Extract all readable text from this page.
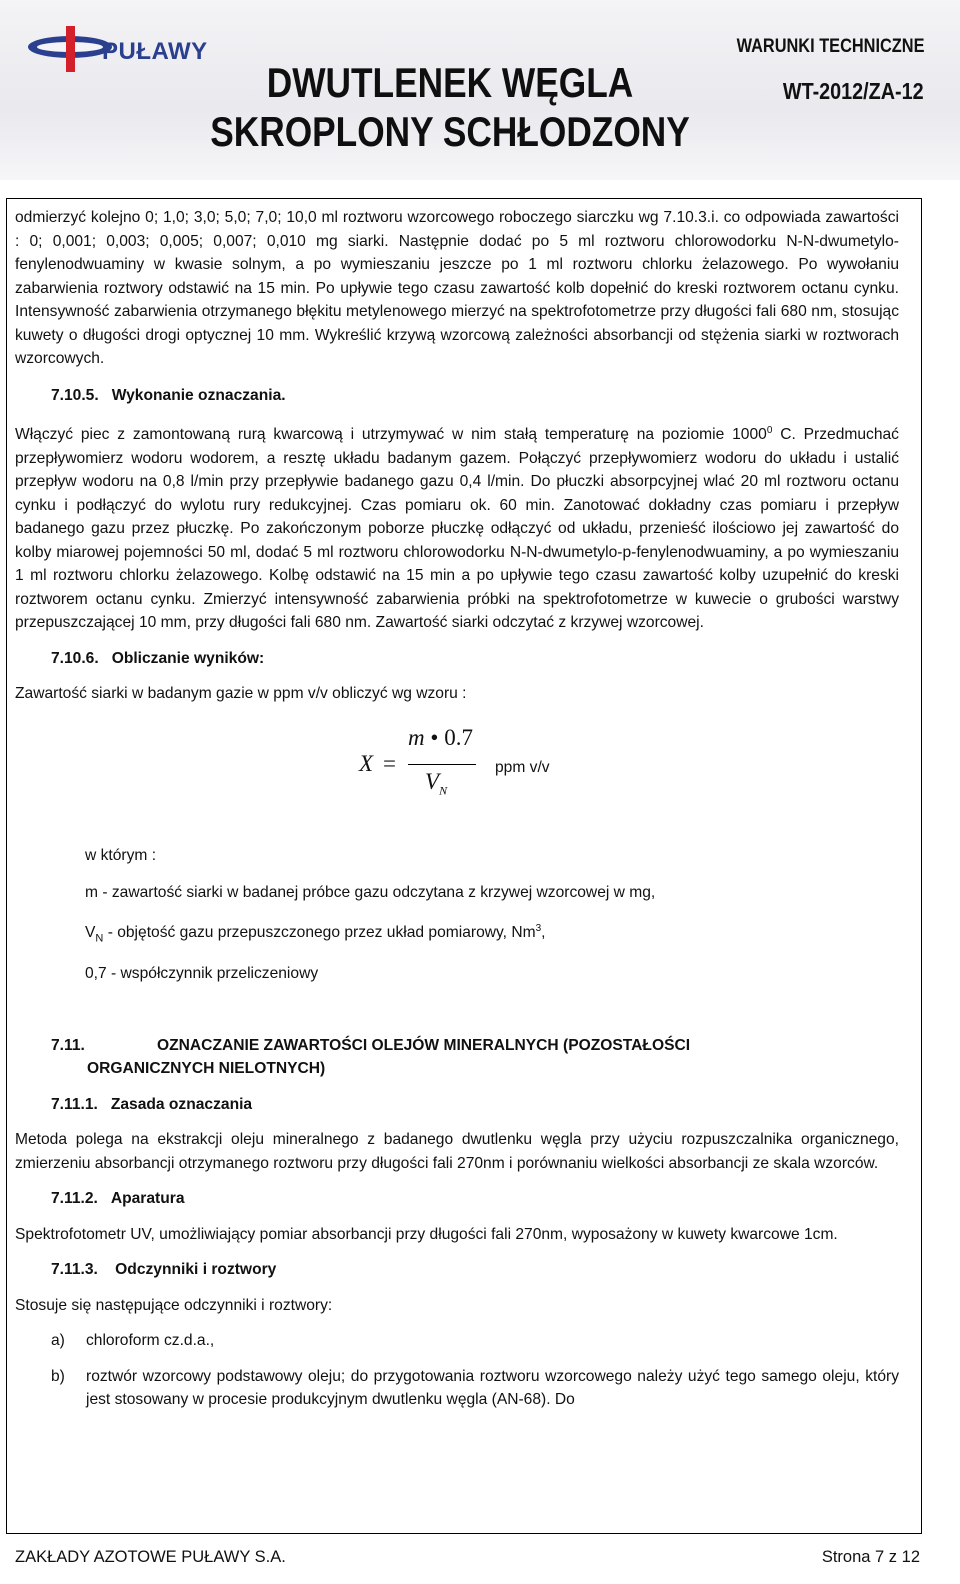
PUŁAWY
DWUTLENEK WĘGLA
SKROPLONY SCHŁODZONY
WARUNKI TECHNICZNE
WT-2012/ZA-12

odmierzyć kolejno 0; 1,0; 3,0; 5,0; 7,0; 10,0 ml roztworu wzorcowego roboczego siarczku wg 7.10.3.i. co odpowiada zawartości : 0; 0,001; 0,003; 0,005; 0,007; 0,010 mg siarki. Następnie dodać po 5 ml roztworu chlorowodorku N-N-dwumetylo-fenylenodwuaminy w kwasie solnym, a po wymieszaniu jeszcze po 1 ml roztworu chlorku żelazowego. Po wywołaniu zabarwienia roztwory odstawić na 15 min. Po upływie tego czasu zawartość kolb dopełnić do kreski roztworem octanu cynku. Intensywność zabarwienia otrzymanego błękitu metylenowego mierzyć na spektrofotometrze przy długości fali 680 nm, stosując kuwety o długości drogi optycznej 10 mm. Wykreślić krzywą wzorcową zależności absorbancji od stężenia siarki w roztworach wzorcowych.

7.10.5. Wykonanie oznaczania.

Włączyć piec z zamontowaną rurą kwarcową i utrzymywać w nim stałą temperaturę na poziomie 1000$^0$ C. Przedmuchać przepływomierz wodoru wodorem, a resztę układu badanym gazem. Połączyć przepływomierz wodoru do układu i ustalić przepływ wodoru na 0,8 l/min przy przepływie badanego gazu 0,4 l/min. Do płuczki absorpcyjnej wlać 20 ml roztworu octanu cynku i podłączyć do wylotu rury redukcyjnej. Czas pomiaru ok. 60 min. Zanotować dokładny czas pomiaru i przepływ badanego gazu przez płuczkę. Po zakończonym poborze płuczkę odłączyć od układu, przenieść ilościowo jej zawartość do kolby miarowej pojemności 50 ml, dodać 5 ml roztworu chlorowodorku N-N-dwumetylo-p-fenylenodwuaminy, a po wymieszaniu 1 ml roztworu chlorku żelazowego. Kolbę odstawić na 15 min a po upływie tego czasu zawartość kolby uzupełnić do kreski roztworem octanu cynku. Zmierzyć intensywność zabarwienia próbki na spektrofotometrze w kuwecie o grubości warstwy przepuszczającej 10 mm, przy długości fali 680 nm. Zawartość siarki odczytać z krzywej wzorcowej.

7.10.6. Obliczanie wyników:

Zawartość siarki w badanym gazie w ppm v/v obliczyć wg wzoru :

X =
m • 0.7
$V_N$
ppm v/v

w którym :

m - zawartość siarki w badanej próbce gazu odczytana z krzywej wzorcowej w mg,

$V_N$ - objętość gazu przepuszczonego przez układ pomiarowy, Nm$^3$,

0,7 - współczynnik przeliczeniowy

7.11.	OZNACZANIE ZAWARTOŚCI OLEJÓW MINERALNYCH (POZOSTAŁOŚCI
ORGANICZNYCH NIELOTNYCH)

7.11.1. Zasada oznaczania

Metoda polega na ekstrakcji oleju mineralnego z badanego dwutlenku węgla przy użyciu rozpuszczalnika organicznego, zmierzeniu absorbancji otrzymanego roztworu przy długości fali 270nm i porównaniu wielkości absorbancji ze skala wzorców.

7.11.2. Aparatura

Spektrofotometr UV, umożliwiający pomiar absorbancji przy długości fali 270nm, wyposażony w kuwety kwarcowe 1cm.

7.11.3. Odczynniki i roztwory

Stosuje się następujące odczynniki i roztwory:

a) chloroform cz.d.a.,
b) roztwór wzorcowy podstawowy oleju; do przygotowania roztworu wzorcowego należy użyć tego samego oleju, który jest stosowany w procesie produkcyjnym dwutlenku węgla (AN-68). Do
ZAKŁADY AZOTOWE PUŁAWY S.A.	Strona 7 z 12
